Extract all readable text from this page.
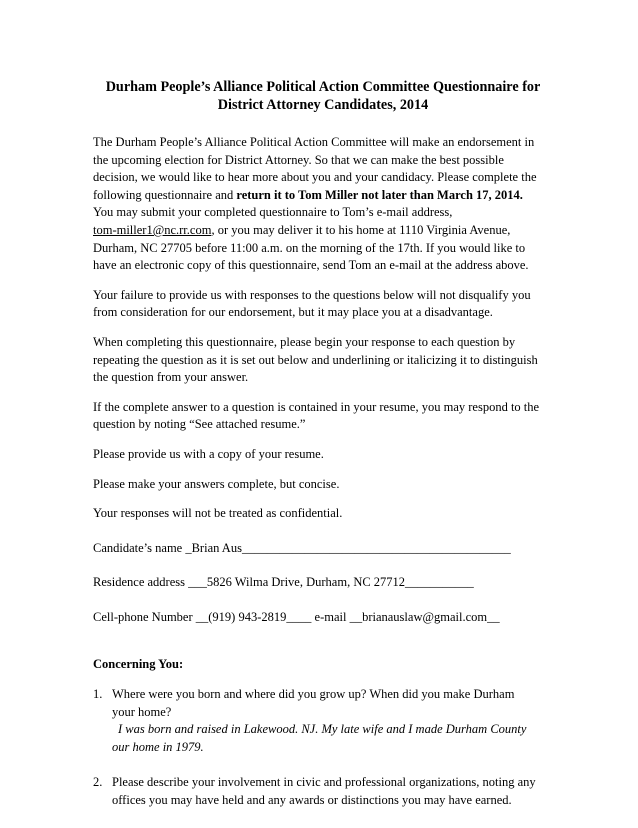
Durham People’s Alliance Political Action Committee Questionnaire for
District Attorney Candidates, 2014

The Durham People’s Alliance Political Action Committee will make an endorsement in
the upcoming election for District Attorney. So that we can make the best possible
decision, we would like to hear more about you and your candidacy. Please complete the
following questionnaire and return it to Tom Miller not later than March 17, 2014.
You may submit your completed questionnaire to Tom’s e-mail address,
tom-miller1@nc.rr.com, or you may deliver it to his home at 1110 Virginia Avenue,
Durham, NC 27705 before 11:00 a.m. on the morning of the 17th. If you would like to
have an electronic copy of this questionnaire, send Tom an e-mail at the address above.

Your failure to provide us with responses to the questions below will not disqualify you
from consideration for our endorsement, but it may place you at a disadvantage.

When completing this questionnaire, please begin your response to each question by
repeating the question as it is set out below and underlining or italicizing it to distinguish
the question from your answer.

If the complete answer to a question is contained in your resume, you may respond to the
question by noting “See attached resume.”

Please provide us with a copy of your resume.

Please make your answers complete, but concise.

Your responses will not be treated as confidential.

Candidate’s name _Brian Aus___________________________________________
Residence address ___5826 Wilma Drive, Durham, NC 27712___________
Cell-phone Number __(919) 943-2819____ e-mail __brianauslaw@gmail.com__
Concerning You:
1. Where were you born and where did you grow up? When did you make Durham
your home?
I was born and raised in Lakewood. NJ. My late wife and I made Durham County
our home in 1979.
2. Please describe your involvement in civic and professional organizations, noting any
offices you may have held and any awards or distinctions you may have earned.
